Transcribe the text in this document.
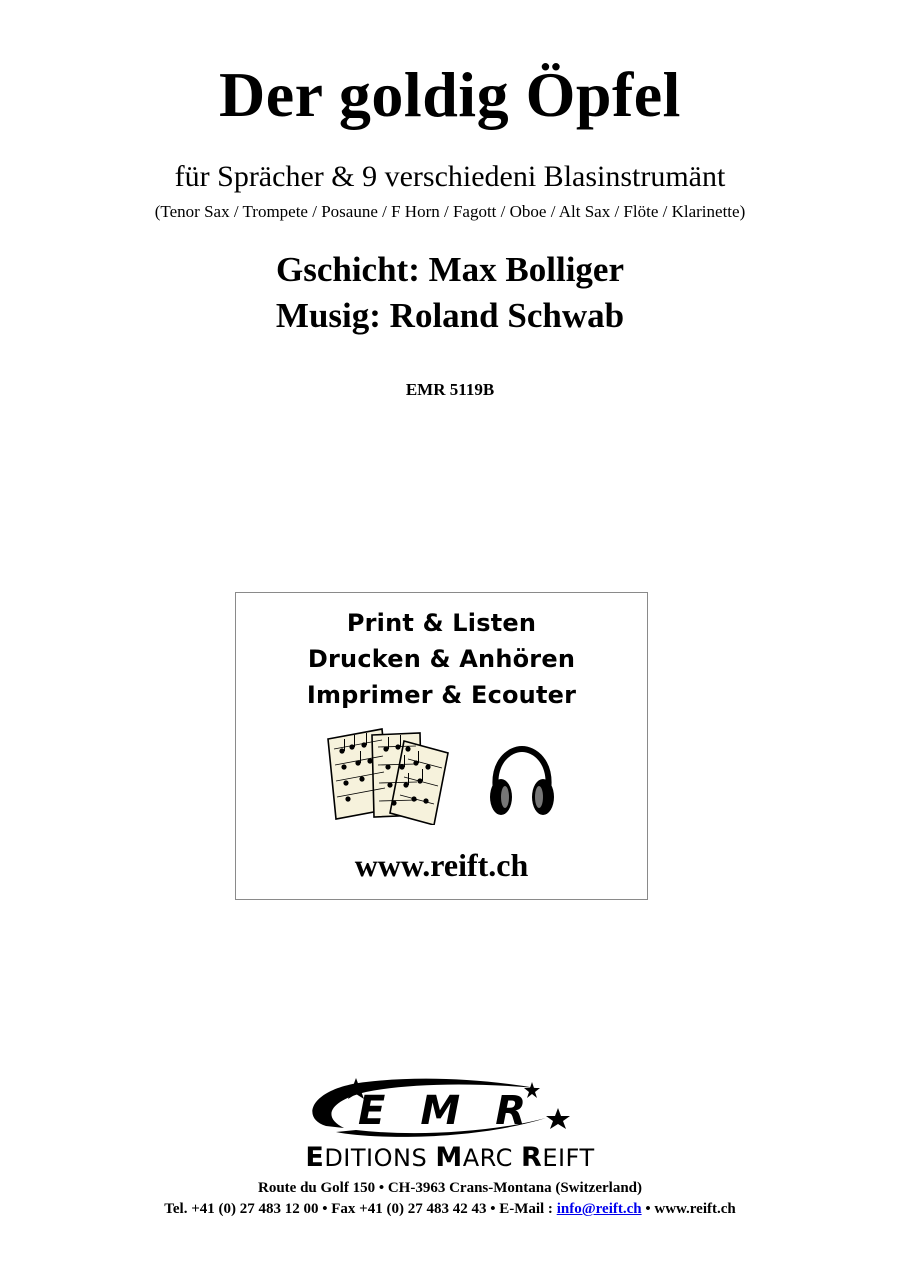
Der goldig Öpfel
für Sprächer & 9 verschiedeni Blasinstrumänt
(Tenor Sax / Trompete / Posaune / F Horn / Fagott / Oboe / Alt Sax / Flöte / Klarinette)
Gschicht: Max Bolliger
Musig: Roland Schwab
EMR 5119B
Print & Listen
Drucken & Anhören
Imprimer & Ecouter
www.reift.ch
EMR
EDITIONS MARC REIFT
Route du Golf 150 • CH-3963 Crans-Montana (Switzerland)
Tel. +41 (0) 27 483 12 00 • Fax +41 (0) 27 483 42 43 • E-Mail : info@reift.ch • www.reift.ch
